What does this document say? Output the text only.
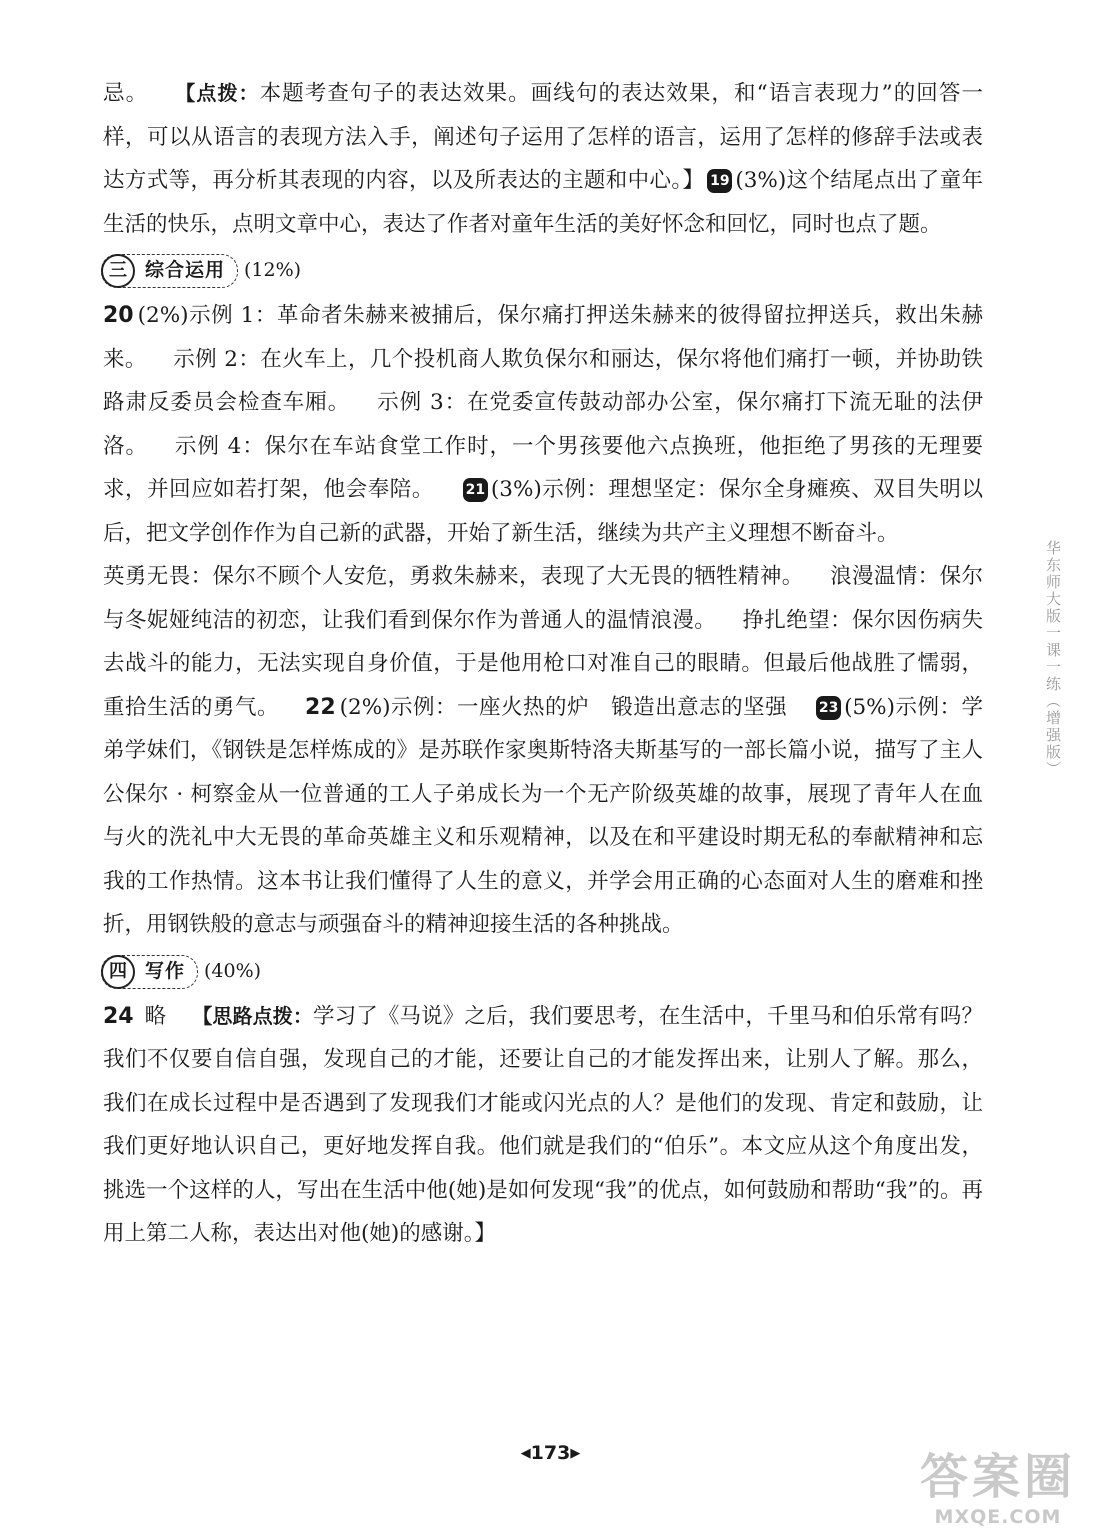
忌。 【点拨：本题考查句子的表达效果。画线句的表达效果，和“语言表现力”的回答一样，可以从语言的表现方法入手，阐述句子运用了怎样的语言，运用了怎样的修辞手法或表达方式等，再分析其表现的内容，以及所表达的主题和中心。】 19 (3%)这个结尾点出了童年生活的快乐，点明文章中心，表达了作者对童年生活的美好怀念和回忆，同时也点了题。

三 综合运用 (12%)

20 (2%)示例 1：革命者朱赫来被捕后，保尔痛打押送朱赫来的彼得留拉押送兵，救出朱赫来。 示例 2：在火车上，几个投机商人欺负保尔和丽达，保尔将他们痛打一顿，并协助铁路肃反委员会检查车厢。 示例 3：在党委宣传鼓动部办公室，保尔痛打下流无耻的法伊洛。 示例 4：保尔在车站食堂工作时，一个男孩要他六点换班，他拒绝了男孩的无理要求，并回应如若打架，他会奉陪。 21 (3%)示例：理想坚定：保尔全身瘫痪、双目失明以后，把文学创作作为自己新的武器，开始了新生活，继续为共产主义理想不断奋斗。

英勇无畏：保尔不顾个人安危，勇救朱赫来，表现了大无畏的牺牲精神。 浪漫温情：保尔与冬妮娅纯洁的初恋，让我们看到保尔作为普通人的温情浪漫。 挣扎绝望：保尔因伤病失去战斗的能力，无法实现自身价值，于是他用枪口对准自己的眼睛。但最后他战胜了懦弱，重拾生活的勇气。 22 (2%)示例：一座火热的炉　锻造出意志的坚强 23 (5%)示例：学弟学妹们，《钢铁是怎样炼成的》是苏联作家奥斯特洛夫斯基写的一部长篇小说，描写了主人公保尔 · 柯察金从一位普通的工人子弟成长为一个无产阶级英雄的故事，展现了青年人在血与火的洗礼中大无畏的革命英雄主义和乐观精神，以及在和平建设时期无私的奉献精神和忘我的工作热情。这本书让我们懂得了人生的意义，并学会用正确的心态面对人生的磨难和挫折，用钢铁般的意志与顽强奋斗的精神迎接生活的各种挑战。

四 写作 (40%)

24 略 【思路点拨：学习了《马说》之后，我们要思考，在生活中，千里马和伯乐常有吗？我们不仅要自信自强，发现自己的才能，还要让自己的才能发挥出来，让别人了解。那么，我们在成长过程中是否遇到了发现我们才能或闪光点的人？是他们的发现、肯定和鼓励，让我们更好地认识自己，更好地发挥自我。他们就是我们的“伯乐”。本文应从这个角度出发，挑选一个这样的人，写出在生活中他(她)是如何发现“我”的优点，如何鼓励和帮助“我”的。再用上第二人称，表达出对他(她)的感谢。】

华东师大版一课一练（增强版）
◀173▶	答案圈
MXQE.COM
